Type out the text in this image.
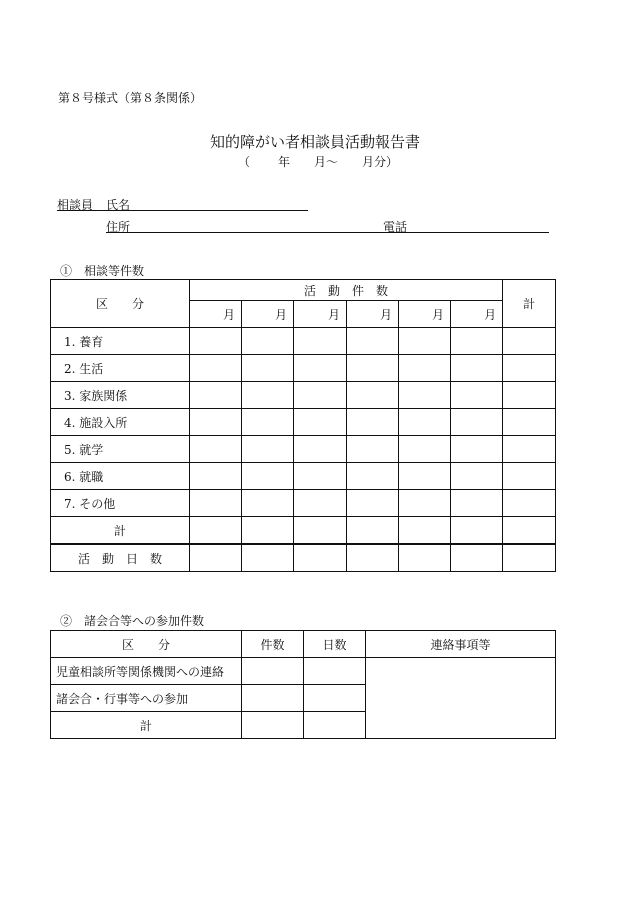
第８号様式（第８条関係）
知的障がい者相談員活動報告書
（ 年 月～ 月分）
相談員 氏名
住所	電話
①　相談等件数
区　　分	活　動　件　数						計
	月	月	月	月	月	月	
1. 養育							
2. 生活							
3. 家族関係							
4. 施設入所							
5. 就学							
6. 就職							
7. その他							
計							
活　動　日　数							
②　諸会合等への参加件数
区　　分	件数	日数	連絡事項等
児童相談所等関係機関への連絡			
諸会合・行事等への参加			
計			
